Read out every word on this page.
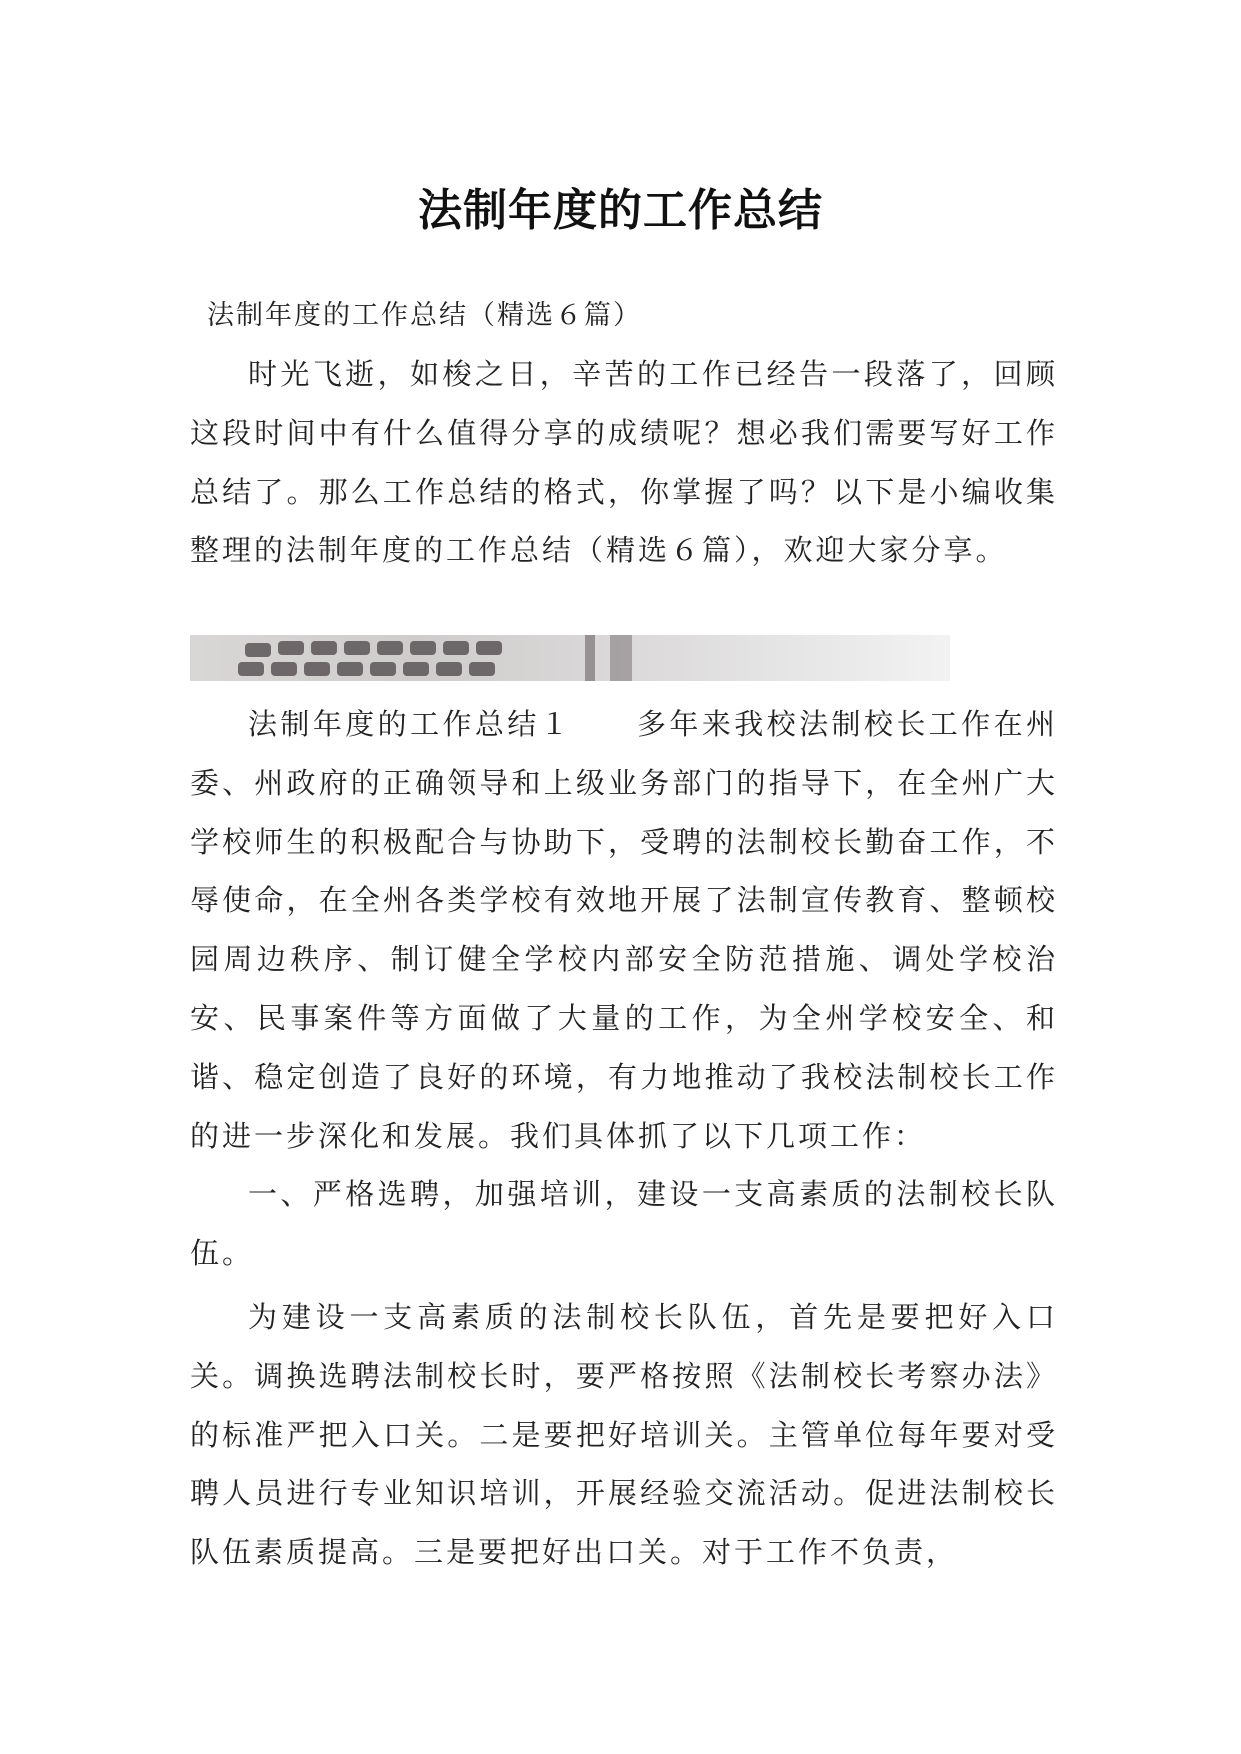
法制年度的工作总结
法制年度的工作总结（精选６篇）

时光飞逝，如梭之日，辛苦的工作已经告一段落了，回顾这段时间中有什么值得分享的成绩呢？想必我们需要写好工作总结了。那么工作总结的格式，你掌握了吗？以下是小编收集整理的法制年度的工作总结（精选６篇），欢迎大家分享。

法制年度的工作总结１　　多年来我校法制校长工作在州委、州政府的正确领导和上级业务部门的指导下，在全州广大学校师生的积极配合与协助下，受聘的法制校长勤奋工作，不辱使命，在全州各类学校有效地开展了法制宣传教育、整顿校园周边秩序、制订健全学校内部安全防范措施、调处学校治安、民事案件等方面做了大量的工作，为全州学校安全、和谐、稳定创造了良好的环境，有力地推动了我校法制校长工作的进一步深化和发展。我们具体抓了以下几项工作：

一、严格选聘，加强培训，建设一支高素质的法制校长队伍。

为建设一支高素质的法制校长队伍，首先是要把好入口关。调换选聘法制校长时，要严格按照《法制校长考察办法》的标准严把入口关。二是要把好培训关。主管单位每年要对受聘人员进行专业知识培训，开展经验交流活动。促进法制校长队伍素质提高。三是要把好出口关。对于工作不负责，
